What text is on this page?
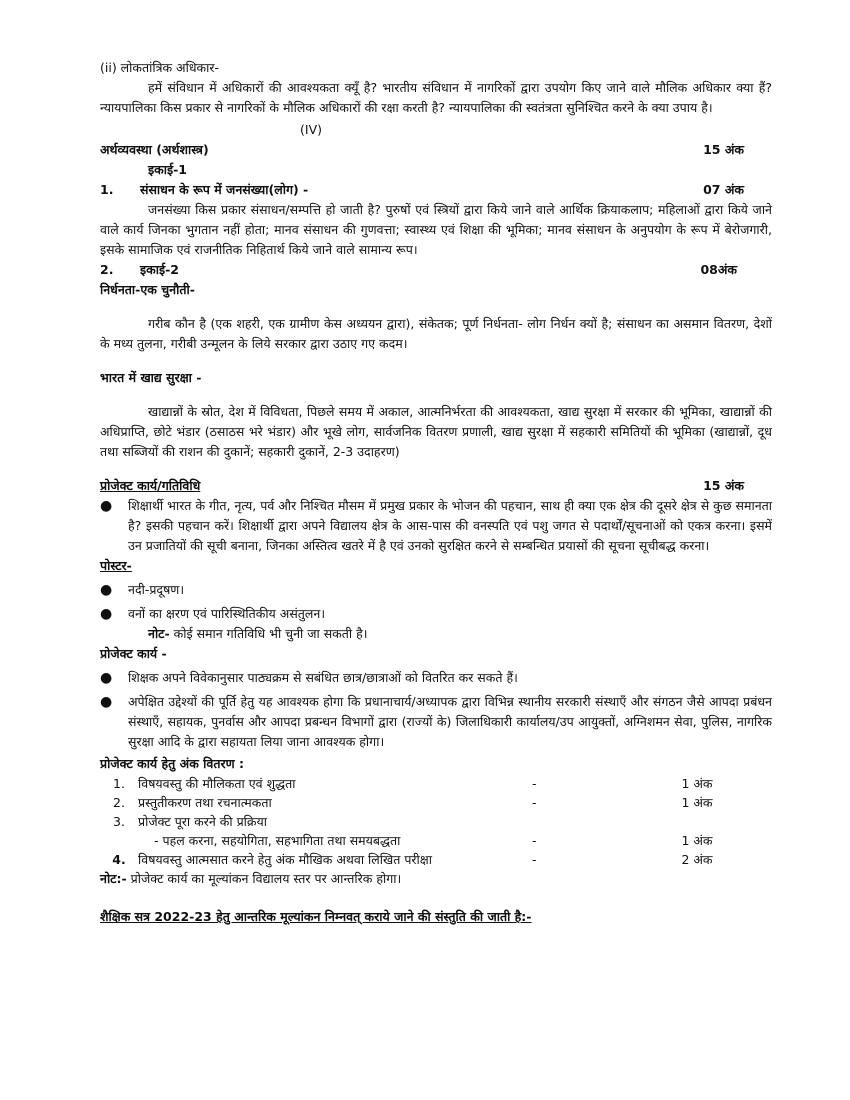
(ii) लोकतांत्रिक अधिकार-

हमें संविधान में अधिकारों की आवश्यकता क्यूँ है? भारतीय संविधान में नागरिकों द्वारा उपयोग किए जाने वाले मौलिक अधिकार क्या हैं? न्यायपालिका किस प्रकार से नागरिकों के मौलिक अधिकारों की रक्षा करती है? न्यायपालिका की स्वतंत्रता सुनिश्चित करने के क्या उपाय है।

(IV)
अर्थव्यवस्था (अर्थशास्त्र)	15 अंक
इकाई-1
1.	संसाधन के रूप में जनसंख्या(लोग) -	07 अंक

जनसंख्या किस प्रकार संसाधन/सम्पत्ति हो जाती है? पुरुषों एवं स्त्रियों द्वारा किये जाने वाले आर्थिक क्रियाकलाप; महिलाओं द्वारा किये जाने वाले कार्य जिनका भुगतान नहीं होता; मानव संसाधन की गुणवत्ता; स्वास्थ्य एवं शिक्षा की भूमिका; मानव संसाधन के अनुपयोग के रूप में बेरोजगारी, इसके सामाजिक एवं राजनीतिक निहितार्थ किये जाने वाले सामान्य रूप।

2.	इकाई-2	08अंक
निर्धनता-एक चुनौती-

गरीब कौन है (एक शहरी, एक ग्रामीण केस अध्ययन द्वारा), संकेतक; पूर्ण निर्धनता- लोग निर्धन क्यों है; संसाधन का असमान वितरण, देशों के मध्य तुलना, गरीबी उन्मूलन के लिये सरकार द्वारा उठाए गए कदम।

भारत में खाद्य सुरक्षा -

खाद्यान्नों के स्रोत, देश में विविधता, पिछले समय में अकाल, आत्मनिर्भरता की आवश्यकता, खाद्य सुरक्षा में सरकार की भूमिका, खाद्यान्नों की अधिप्राप्ति, छोटे भंडार (ठसाठस भरे भंडार) और भूखे लोग, सार्वजनिक वितरण प्रणाली, खाद्य सुरक्षा में सहकारी समितियों की भूमिका (खाद्यान्नों, दूध तथा सब्जियों की राशन की दुकानें; सहकारी दुकानें, 2-3 उदाहरण)

प्रोजेक्ट कार्य/गतिविधि	15 अंक
●	शिक्षार्थी भारत के गीत, नृत्य, पर्व और निश्चित मौसम में प्रमुख प्रकार के भोजन की पहचान, साथ ही क्या एक क्षेत्र की दूसरे क्षेत्र से कुछ समानता है? इसकी पहचान करें। शिक्षार्थी द्वारा अपने विद्यालय क्षेत्र के आस-पास की वनस्पति एवं पशु जगत से पदार्थों/सूचनाओं को एकत्र करना। इसमें उन प्रजातियों की सूची बनाना, जिनका अस्तित्व खतरे में है एवं उनको सुरक्षित करने से सम्बन्धित प्रयासों की सूचना सूचीबद्ध करना।
पोस्टर-
●	नदी-प्रदूषण।
●	वनों का क्षरण एवं पारिस्थितिकीय असंतुलन।
नोट- कोई समान गतिविधि भी चुनी जा सकती है।
प्रोजेक्ट कार्य -
●	शिक्षक अपने विवेकानुसार पाठ्यक्रम से सबंधित छात्र/छात्राओं को वितरित कर सकते हैं।
●	अपेक्षित उद्देश्यों की पूर्ति हेतु यह आवश्यक होगा कि प्रधानाचार्य/अध्यापक द्वारा विभिन्न स्थानीय सरकारी संस्थाएँ और संगठन जैसे आपदा प्रबंधन संस्थाएँ, सहायक, पुनर्वास और आपदा प्रबन्धन विभागों द्वारा (राज्यों के) जिलाधिकारी कार्यालय/उप आयुक्तों, अग्निशमन सेवा, पुलिस, नागरिक सुरक्षा आदि के द्वारा सहायता लिया जाना आवश्यक होगा।
प्रोजेक्ट कार्य हेतु अंक वितरण :
1.	विषयवस्तु की मौलिकता एवं शुद्धता	-	1 अंक
2.	प्रस्तुतीकरण तथा रचनात्मकता	-	1 अंक
3.	प्रोजेक्ट पूरा करने की प्रक्रिया		
	- पहल करना, सहयोगिता, सहभागिता तथा समयबद्धता	-	1 अंक
4.	विषयवस्तु आत्मसात करने हेतु अंक मौखिक अथवा लिखित परीक्षा	-	2 अंक
नोट:- प्रोजेक्ट कार्य का मूल्यांकन विद्यालय स्तर पर आन्तरिक होगा।
शैक्षिक सत्र 2022-23 हेतु आन्तरिक मूल्यांकन निम्नवत् कराये जाने की संस्तुति की जाती है:-
